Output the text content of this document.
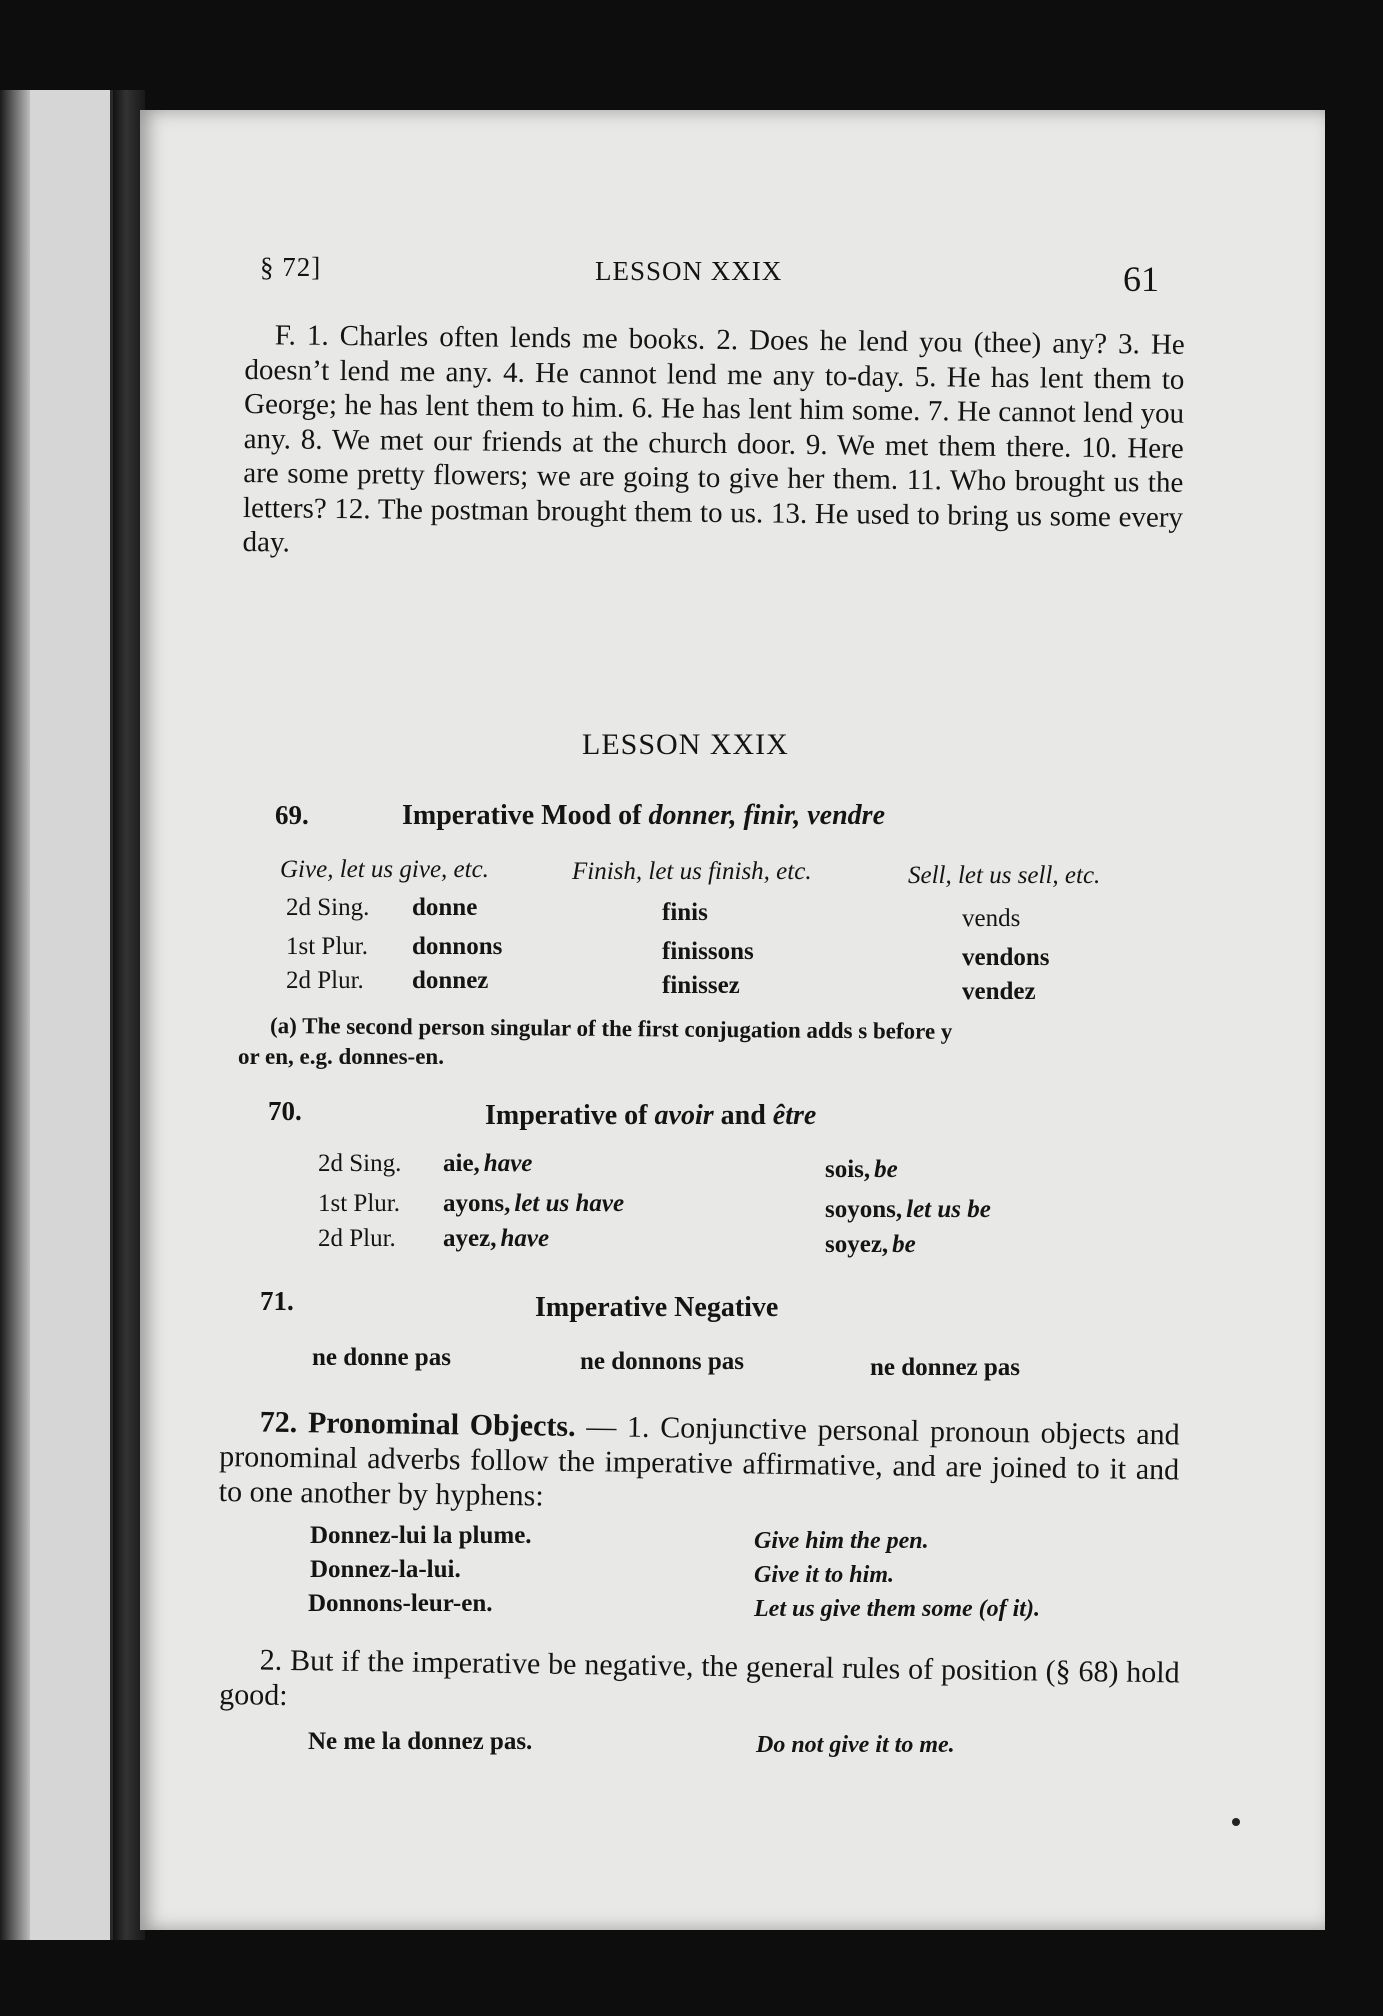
§ 72]	LESSON XXIX	61
F. 1. Charles often lends me books. 2. Does he lend you (thee) any? 3. He doesn’t lend me any. 4. He cannot lend me any to-day. 5. He has lent them to George; he has lent them to him. 6. He has lent him some. 7. He cannot lend you any. 8. We met our friends at the church door. 9. We met them there. 10. Here are some pretty flowers; we are going to give her them. 11. Who brought us the letters? 12. The postman brought them to us. 13. He used to bring us some every day.
LESSON XXIX
69.	Imperative Mood of donner, finir, vendre
Give, let us give, etc.	Finish, let us finish, etc.	Sell, let us sell, etc.
2d Sing. donne	finis	vends
1st Plur. donnons	finissons	vendons
2d Plur. donnez	finissez	vendez
(a) The second person singular of the first conjugation adds s before y
or en, e.g. donnes-en.
70.	Imperative of avoir and être
2d Sing. aie, have	sois, be
1st Plur. ayons, let us have	soyons, let us be
2d Plur. ayez, have	soyez, be
71.	Imperative Negative
ne donne pas	ne donnons pas	ne donnez pas
72. Pronominal Objects. — 1. Conjunctive personal pronoun objects and pronominal adverbs follow the imperative affirmative, and are joined to it and to one another by hyphens:
Donnez-lui la plume.	Give him the pen.
Donnez-la-lui.	Give it to him.
Donnons-leur-en.	Let us give them some (of it).
2. But if the imperative be negative, the general rules of position (§ 68) hold good:
Ne me la donnez pas.	Do not give it to me.
